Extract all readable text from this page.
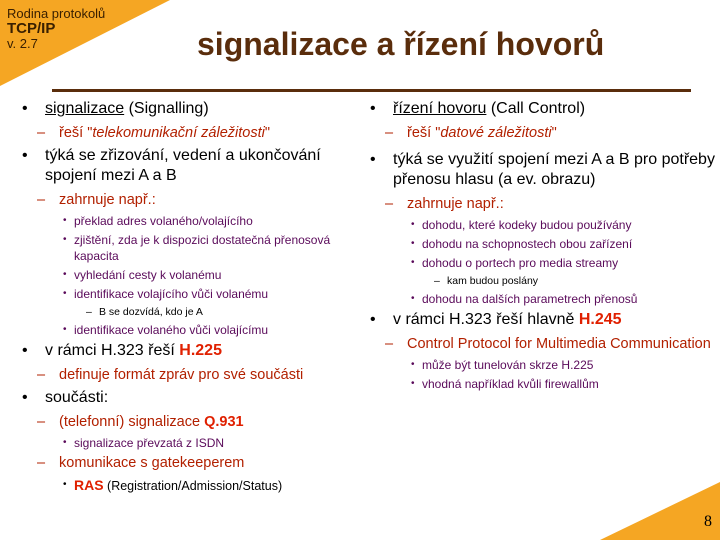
Rodina protokolů
TCP/IP
v. 2.7	signalizace a řízení hovorů
• signalizace (Signalling)
– řeší "telekomunikační záležitosti"
• týká se zřizování, vedení a ukončování spojení mezi A a B
– zahrnuje např.:
• překlad adres volaného/volajícího
• zjištění, zda je k dispozici dostatečná přenosová kapacita
• vyhledání cesty k volanému
• identifikace volajícího vůči volanému
– B se dozvídá, kdo je A
• identifikace volaného vůči volajícímu
• v rámci H.323 řeší H.225
– definuje formát zpráv pro své součásti
• součásti:
– (telefonní) signalizace Q.931
• signalizace převzatá z ISDN
– komunikace s gatekeeperem
• RAS (Registration/Admission/Status)
• řízení hovoru (Call Control)
– řeší "datové záležitosti"
• týká se využití spojení mezi A a B pro potřeby přenosu hlasu (a ev. obrazu)
– zahrnuje např.:
• dohodu, které kodeky budou používány
• dohodu na schopnostech obou zařízení
• dohodu o portech pro media streamy
– kam budou poslány
• dohodu na dalších parametrech přenosů
• v rámci H.323 řeší hlavně H.245
– Control Protocol for Multimedia Communication
• může být tunelován skrze H.225
• vhodná například kvůli firewallům
8
